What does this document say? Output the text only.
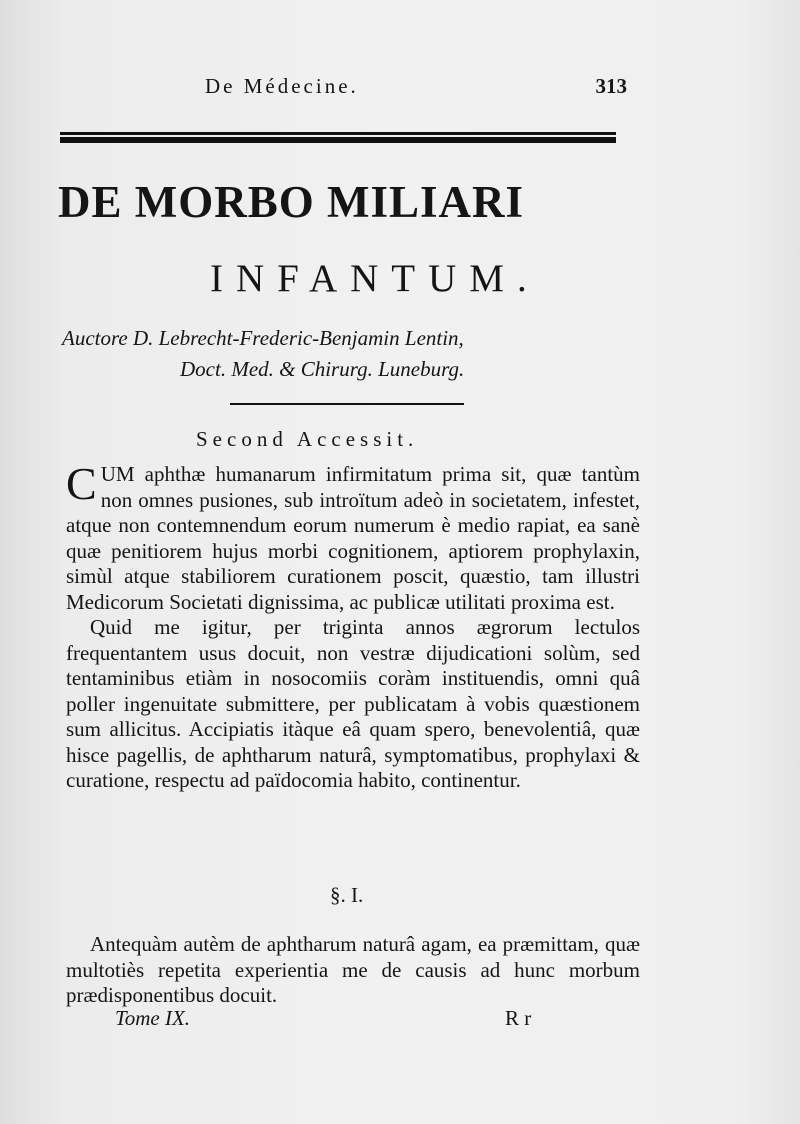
De Médecine.	313
DE MORBO MILIARI
INFANTUM.
Auctore D. Lebrecht-Frederic-Benjamin Lentin,
Doct. Med. & Chirurg. Luneburg.
Second Accessit.

CUM aphthæ humanarum infirmitatum prima sit, quæ tantùm non omnes pusiones, sub introïtum adeò in societatem, infestet, atque non contemnendum eorum numerum è medio rapiat, ea sanè quæ penitiorem hujus morbi cognitionem, aptiorem prophylaxin, simùl atque stabiliorem curationem poscit, quæstio, tam illustri Medicorum Societati dignissima, ac publicæ utilitati proxima est.

Quid me igitur, per triginta annos ægrorum lectulos frequentantem usus docuit, non vestræ dijudicationi solùm, sed tentaminibus etiàm in nosocomiis coràm instituendis, omni quâ poller ingenuitate submittere, per publicatam à vobis quæstionem sum allicitus. Accipiatis itàque eâ quam spero, benevolentiâ, quæ hisce pagellis, de aphtharum naturâ, symptomatibus, prophylaxi & curatione, respectu ad païdocomia habito, continentur.

§. I.

Antequàm autèm de aphtharum naturâ agam, ea præmittam, quæ multotiès repetita experientia me de causis ad hunc morbum prædisponentibus docuit.

Tome IX.	R r
